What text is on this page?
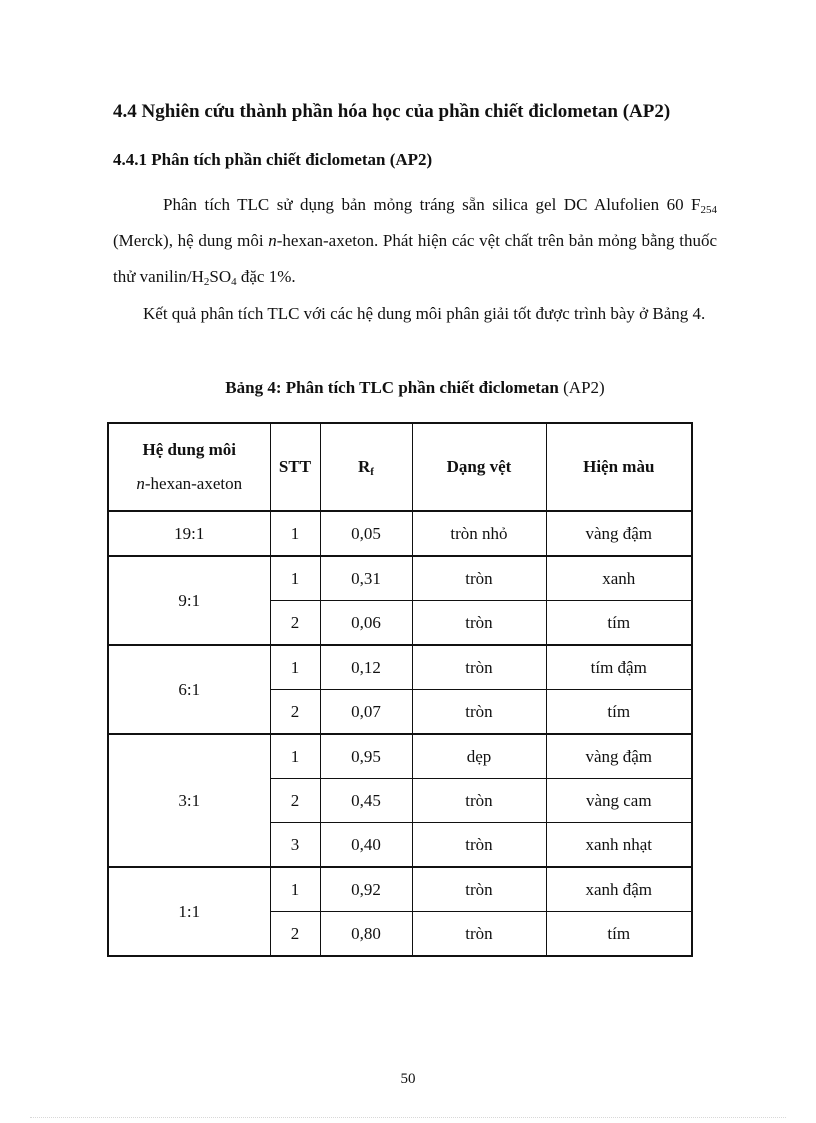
4.4 Nghiên cứu thành phần hóa học của phần chiết điclometan (AP2)
4.4.1 Phân tích phần chiết điclometan (AP2)

Phân tích TLC sử dụng bản mỏng tráng sẵn silica gel DC Alufolien 60 $F_{254}$ (Merck), hệ dung môi n-hexan-axeton. Phát hiện các vệt chất trên bản mỏng bằng thuốc thử vanilin/$H_2SO_4$ đặc 1%.

Kết quả phân tích TLC với các hệ dung môi phân giải tốt được trình bày ở Bảng 4.

Bảng 4: Phân tích TLC phần chiết điclometan (AP2)

Hệ dung môi
n-hexan-axeton	STT	$R_f$	Dạng vệt	Hiện màu
19:1	1	0,05	tròn nhỏ	vàng đậm
9:1	1	0,31	tròn	xanh
	2	0,06	tròn	tím
6:1	1	0,12	tròn	tím đậm
	2	0,07	tròn	tím
3:1	1	0,95	dẹp	vàng đậm
	2	0,45	tròn	vàng cam
	3	0,40	tròn	xanh nhạt
1:1	1	0,92	tròn	xanh đậm
	2	0,80	tròn	tím

50
